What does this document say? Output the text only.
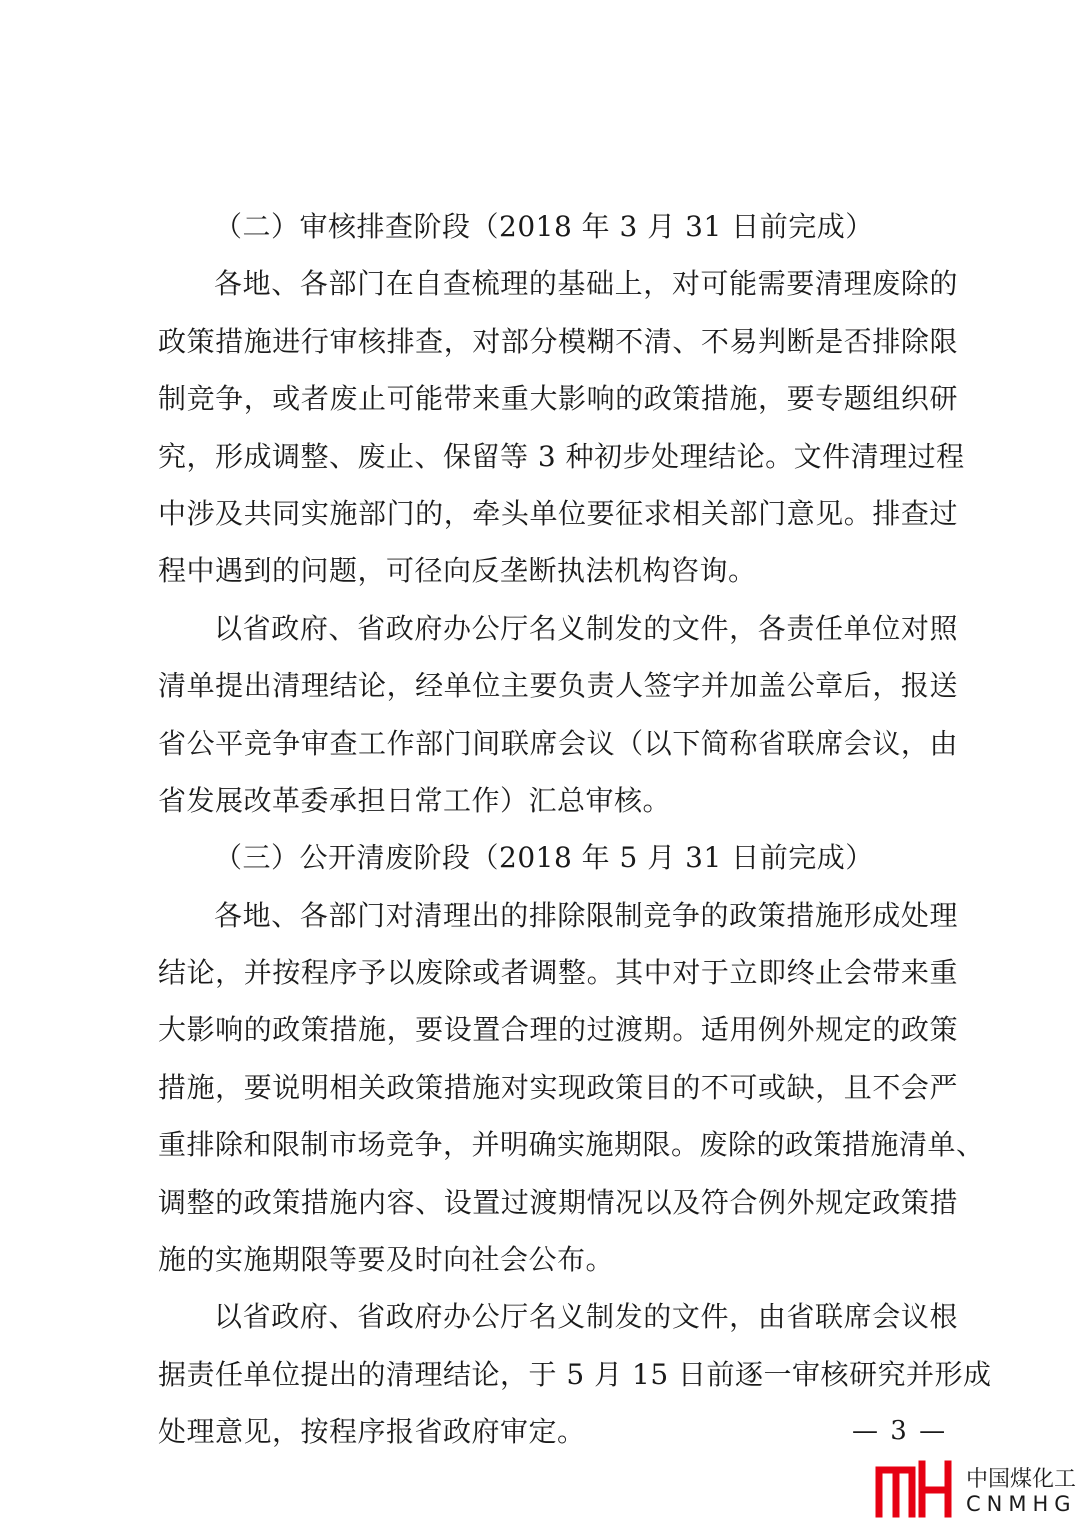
（二）审核排查阶段（2018 年 3 月 31 日前完成）
各地、各部门在自查梳理的基础上，对可能需要清理废除的
政策措施进行审核排查，对部分模糊不清、不易判断是否排除限
制竞争，或者废止可能带来重大影响的政策措施，要专题组织研
究，形成调整、废止、保留等 3 种初步处理结论。文件清理过程
中涉及共同实施部门的，牵头单位要征求相关部门意见。排查过
程中遇到的问题，可径向反垄断执法机构咨询。
以省政府、省政府办公厅名义制发的文件，各责任单位对照
清单提出清理结论，经单位主要负责人签字并加盖公章后，报送
省公平竞争审查工作部门间联席会议（以下简称省联席会议，由
省发展改革委承担日常工作）汇总审核。
（三）公开清废阶段（2018 年 5 月 31 日前完成）
各地、各部门对清理出的排除限制竞争的政策措施形成处理
结论，并按程序予以废除或者调整。其中对于立即终止会带来重
大影响的政策措施，要设置合理的过渡期。适用例外规定的政策
措施，要说明相关政策措施对实现政策目的不可或缺，且不会严
重排除和限制市场竞争，并明确实施期限。废除的政策措施清单、
调整的政策措施内容、设置过渡期情况以及符合例外规定政策措
施的实施期限等要及时向社会公布。
以省政府、省政府办公厅名义制发的文件，由省联席会议根
据责任单位提出的清理结论，于 5 月 15 日前逐一审核研究并形成
处理意见，按程序报省政府审定。	— 3 —
中国煤化工
CNMHG
